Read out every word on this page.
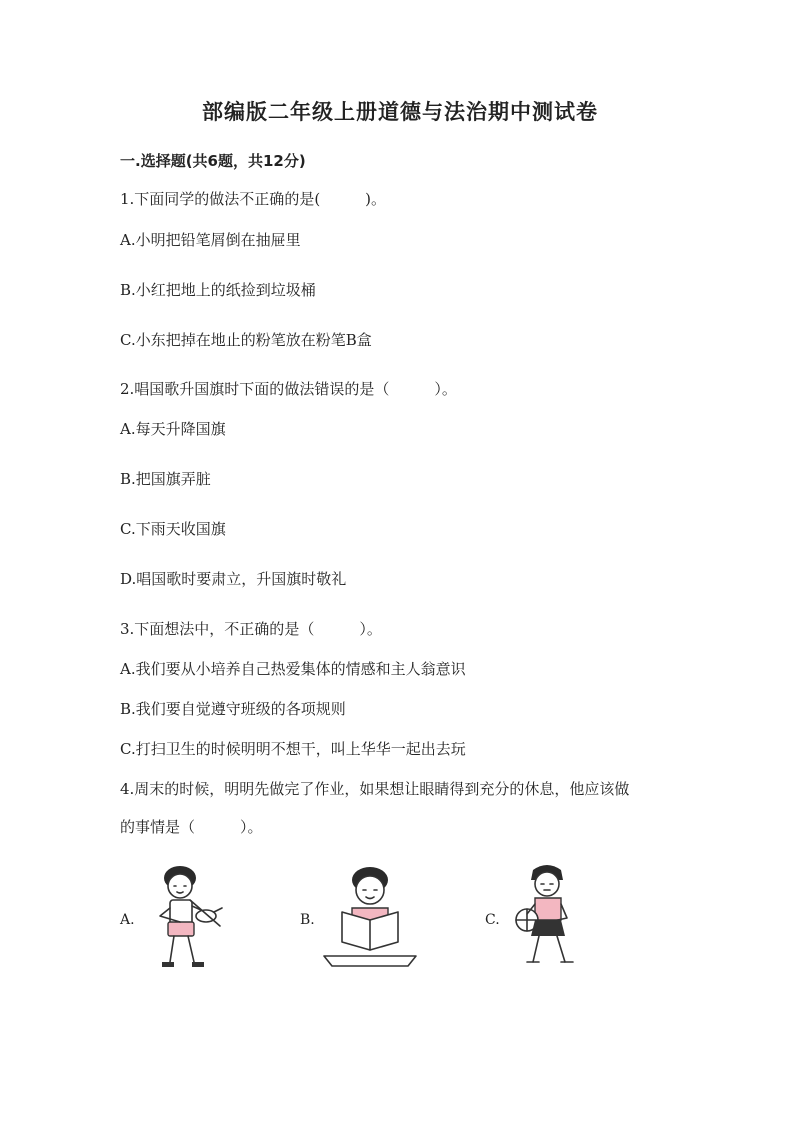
部编版二年级上册道德与法治期中测试卷
一.选择题(共6题，共12分)
1.下面同学的做法不正确的是(　　　)。
A.小明把铅笔屑倒在抽屉里
B.小红把地上的纸捡到垃圾桶
C.小东把掉在地止的粉笔放在粉笔B盒
2.唱国歌升国旗时下面的做法错误的是（　　　）。
A.每天升降国旗
B.把国旗弄脏
C.下雨天收国旗
D.唱国歌时要肃立，升国旗时敬礼
3.下面想法中，不正确的是（　　　）。
A.我们要从小培养自己热爱集体的情感和主人翁意识
B.我们要自觉遵守班级的各项规则
C.打扫卫生的时候明明不想干，叫上华华一起出去玩
4.周末的时候，明明先做完了作业，如果想让眼睛得到充分的休息，他应该做
的事情是（　　　）。
A.	B.	C.
